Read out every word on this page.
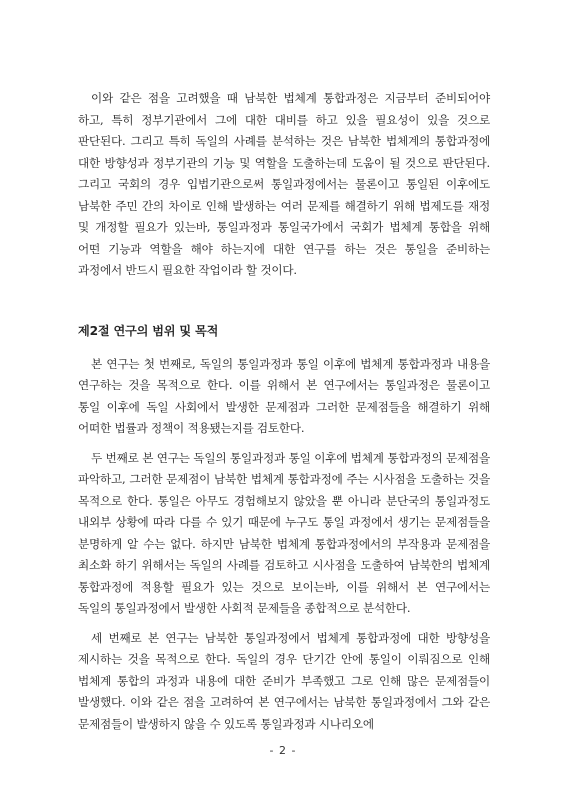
이와 같은 점을 고려했을 때 남북한 법체계 통합과정은 지금부터 준비되어야 하고, 특히 정부기관에서 그에 대한 대비를 하고 있을 필요성이 있을 것으로 판단된다. 그리고 특히 독일의 사례를 분석하는 것은 남북한 법체계의 통합과정에 대한 방향성과 정부기관의 기능 및 역할을 도출하는데 도움이 될 것으로 판단된다. 그리고 국회의 경우 입법기관으로써 통일과정에서는 물론이고 통일된 이후에도 남북한 주민 간의 차이로 인해 발생하는 여러 문제를 해결하기 위해 법제도를 재정 및 개정할 필요가 있는바, 통일과정과 통일국가에서 국회가 법체계 통합을 위해 어떤 기능과 역할을 해야 하는지에 대한 연구를 하는 것은 통일을 준비하는 과정에서 반드시 필요한 작업이라 할 것이다.

제2절 연구의 범위 및 목적

본 연구는 첫 번째로, 독일의 통일과정과 통일 이후에 법체계 통합과정과 내용을 연구하는 것을 목적으로 한다. 이를 위해서 본 연구에서는 통일과정은 물론이고 통일 이후에 독일 사회에서 발생한 문제점과 그러한 문제점들을 해결하기 위해 어떠한 법률과 정책이 적용됐는지를 검토한다.

두 번째로 본 연구는 독일의 통일과정과 통일 이후에 법체계 통합과정의 문제점을 파악하고, 그러한 문제점이 남북한 법체계 통합과정에 주는 시사점을 도출하는 것을 목적으로 한다. 통일은 아무도 경험해보지 않았을 뿐 아니라 분단국의 통일과정도 내외부 상황에 따라 다를 수 있기 때문에 누구도 통일 과정에서 생기는 문제점들을 분명하게 알 수는 없다. 하지만 남북한 법체계 통합과정에서의 부작용과 문제점을 최소화 하기 위해서는 독일의 사례를 검토하고 시사점을 도출하여 남북한의 법체계 통합과정에 적용할 필요가 있는 것으로 보이는바, 이를 위해서 본 연구에서는 독일의 통일과정에서 발생한 사회적 문제들을 종합적으로 분석한다.

세 번째로 본 연구는 남북한 통일과정에서 법체계 통합과정에 대한 방향성을 제시하는 것을 목적으로 한다. 독일의 경우 단기간 안에 통일이 이뤄짐으로 인해 법체계 통합의 과정과 내용에 대한 준비가 부족했고 그로 인해 많은 문제점들이 발생했다. 이와 같은 점을 고려하여 본 연구에서는 남북한 통일과정에서 그와 같은 문제점들이 발생하지 않을 수 있도록 통일과정과 시나리오에

- 2 -
